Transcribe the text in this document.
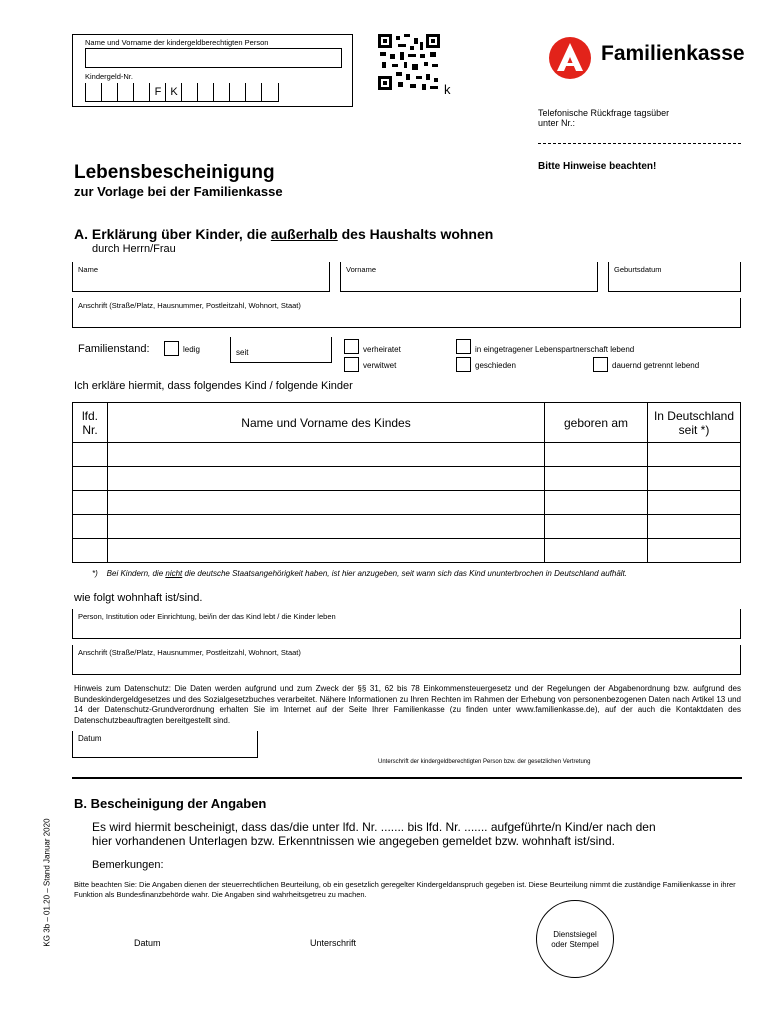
Name und Vorname der kindergeldberechtigten Person
Kindergeld-Nr.
F K	k
Familienkasse
Telefonische Rückfrage tagsüber
unter Nr.:
Bitte Hinweise beachten!
Lebensbescheinigung
zur Vorlage bei der Familienkasse
A. Erklärung über Kinder, die außerhalb des Haushalts wohnen
durch Herrn/Frau
Name	Vorname	Geburtsdatum
Anschrift (Straße/Platz, Hausnummer, Postleitzahl, Wohnort, Staat)
Familienstand:	ledig	seit	verheiratet
verwitwet
in eingetragener Lebenspartnerschaft lebend
geschieden	dauernd getrennt lebend
Ich erkläre hiermit, dass folgendes Kind / folgende Kinder
lfd.
Nr.	Name und Vorname des Kindes	geboren am	In Deutschland
seit *)

*) Bei Kindern, die nicht die deutsche Staatsangehörigkeit haben, ist hier anzugeben, seit wann sich das Kind ununterbrochen in Deutschland aufhält.
wie folgt wohnhaft ist/sind.
Person, Institution oder Einrichtung, bei/in der das Kind lebt / die Kinder leben
Anschrift (Straße/Platz, Hausnummer, Postleitzahl, Wohnort, Staat)
Hinweis zum Datenschutz: Die Daten werden aufgrund und zum Zweck der §§ 31, 62 bis 78 Einkommensteuergesetz und der Regelungen der Abgabenordnung bzw. aufgrund des Bundeskindergeldgesetzes und des Sozialgesetzbuches verarbeitet. Nähere Informationen zu Ihren Rechten im Rahmen der Erhebung von personenbezogenen Daten nach Artikel 13 und 14 der Datenschutz-Grundverordnung erhalten Sie im Internet auf der Seite Ihrer Familienkasse (zu finden unter www.familienkasse.de), auf der auch die Kontaktdaten des Datenschutzbeauftragten bereitgestellt sind.
Datum
Unterschrift der kindergeldberechtigten Person bzw. der gesetzlichen Vertretung
B. Bescheinigung der Angaben
Es wird hiermit bescheinigt, dass das/die unter lfd. Nr. ....... bis lfd. Nr. ....... aufgeführte/n Kind/er nach den
hier vorhandenen Unterlagen bzw. Erkenntnissen wie angegeben gemeldet bzw. wohnhaft ist/sind.
Bemerkungen:
Bitte beachten Sie: Die Angaben dienen der steuerrechtlichen Beurteilung, ob ein gesetzlich geregelter Kindergeldanspruch gegeben ist. Diese Beurteilung nimmt die zuständige Familienkasse in ihrer Funktion als Bundesfinanzbehörde wahr. Die Angaben sind wahrheitsgetreu zu machen.
Datum	Unterschrift
Dienstsiegel
oder Stempel
KG 3b – 01.20 – Stand Januar 2020
